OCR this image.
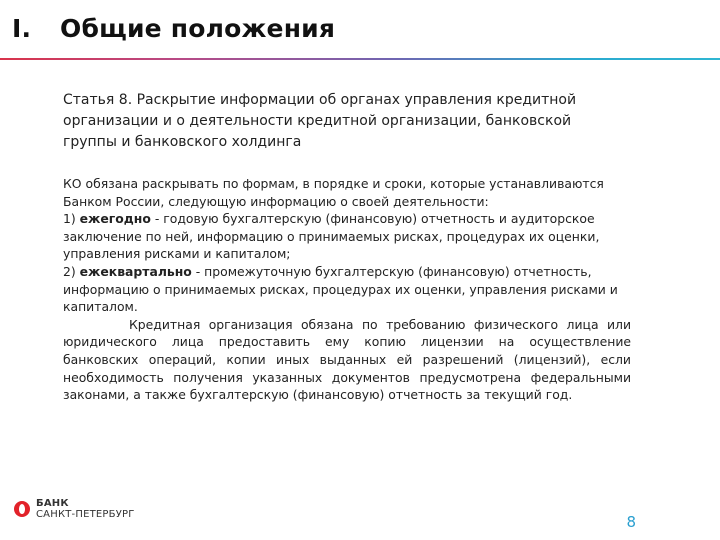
I. Общие положения
Статья 8. Раскрытие информации об органах управления кредитной организации и о деятельности кредитной организации, банковской группы и банковского холдинга

КО обязана раскрывать по формам, в порядке и сроки, которые устанавливаются Банком России, следующую информацию о своей деятельности:

1) ежегодно - годовую бухгалтерскую (финансовую) отчетность и аудиторское заключение по ней, информацию о принимаемых рисках, процедурах их оценки, управления рисками и капиталом;

2) ежеквартально - промежуточную бухгалтерскую (финансовую) отчетность, информацию о принимаемых рисках, процедурах их оценки, управления рисками и капиталом.

Кредитная организация обязана по требованию физического лица или юридического лица предоставить ему копию лицензии на осуществление банковских операций, копии иных выданных ей разрешений (лицензий), если необходимость получения указанных документов предусмотрена федеральными законами, а также бухгалтерскую (финансовую) отчетность за текущий год.

БАНК
САНКТ-ПЕТЕРБУРГ	8
